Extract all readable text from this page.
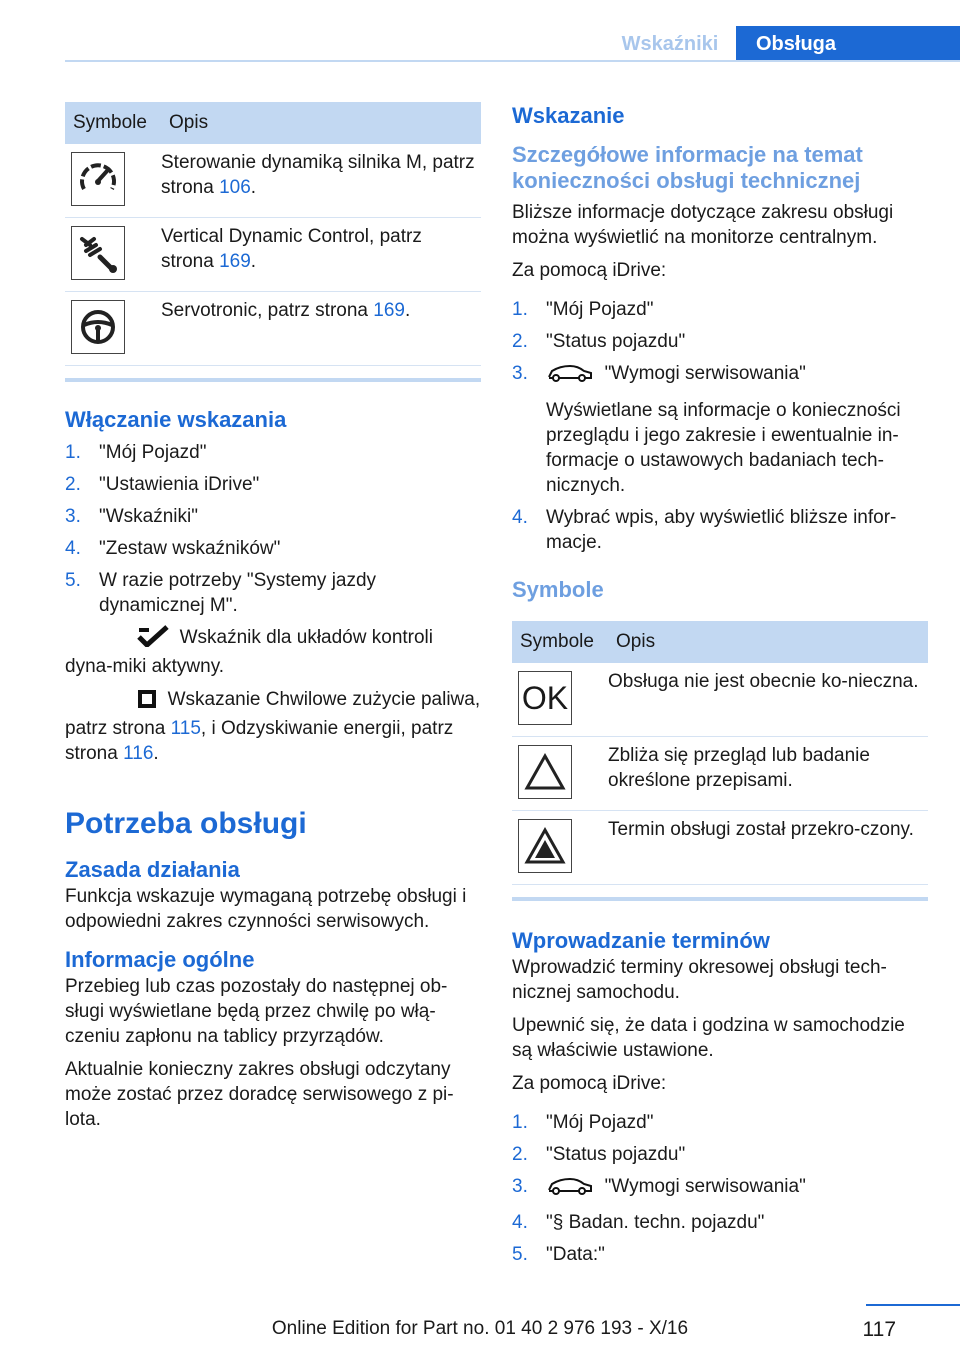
Wskaźniki	Obsługa
Symbole	Opis

	Sterowanie dynamiką silnika M, patrz strona 106.

	Vertical Dynamic Control, patrz strona 169.

	Servotronic, patrz strona 169.
Włączanie wskazania
1. "Mój Pojazd"
2. "Ustawienia iDrive"
3. "Wskaźniki"
4. "Zestaw wskaźników"
5. W razie potrzeby "Systemy jazdy dynamicznej M".

Wskaźnik dla układów kontroli dyna-miki aktywny.

Wskazanie Chwilowe zużycie paliwa, patrz strona 115, i Odzyskiwanie energii, patrz strona 116.

Potrzeba obsługi
Zasada działania

Funkcja wskazuje wymaganą potrzebę obsługi i odpowiedni zakres czynności serwisowych.

Informacje ogólne

Przebieg lub czas pozostały do następnej ob-sługi wyświetlane będą przez chwilę po włą-czeniu zapłonu na tablicy przyrządów.

Aktualnie konieczny zakres obsługi odczytany może zostać przez doradcę serwisowego z pi-lota.

Wskazanie
Szczegółowe informacje na temat konieczności obsługi technicznej

Bliższe informacje dotyczące zakresu obsługi można wyświetlić na monitorze centralnym.

Za pomocą iDrive:

1. "Mój Pojazd"
2. "Status pojazdu"
3.	"Wymogi serwisowania"
Wyświetlane są informacje o konieczności przeglądu i jego zakresie i ewentualnie in-formacje o ustawowych badaniach tech-nicznych.
4. Wybrać wpis, aby wyświetlić bliższe infor-macje.
Symbole
Symbole	Opis

OK	Obsługa nie jest obecnie ko-nieczna.

	Zbliża się przegląd lub badanie określone przepisami.

	Termin obsługi został przekro-czony.
Wprowadzanie terminów

Wprowadzić terminy okresowej obsługi tech-nicznej samochodu.

Upewnić się, że data i godzina w samochodzie są właściwie ustawione.

Za pomocą iDrive:

1. "Mój Pojazd"
2. "Status pojazdu"
3.	"Wymogi serwisowania"
4. "§ Badan. techn. pojazdu"
5. "Data:"
117
Online Edition for Part no. 01 40 2 976 193 - X/16
